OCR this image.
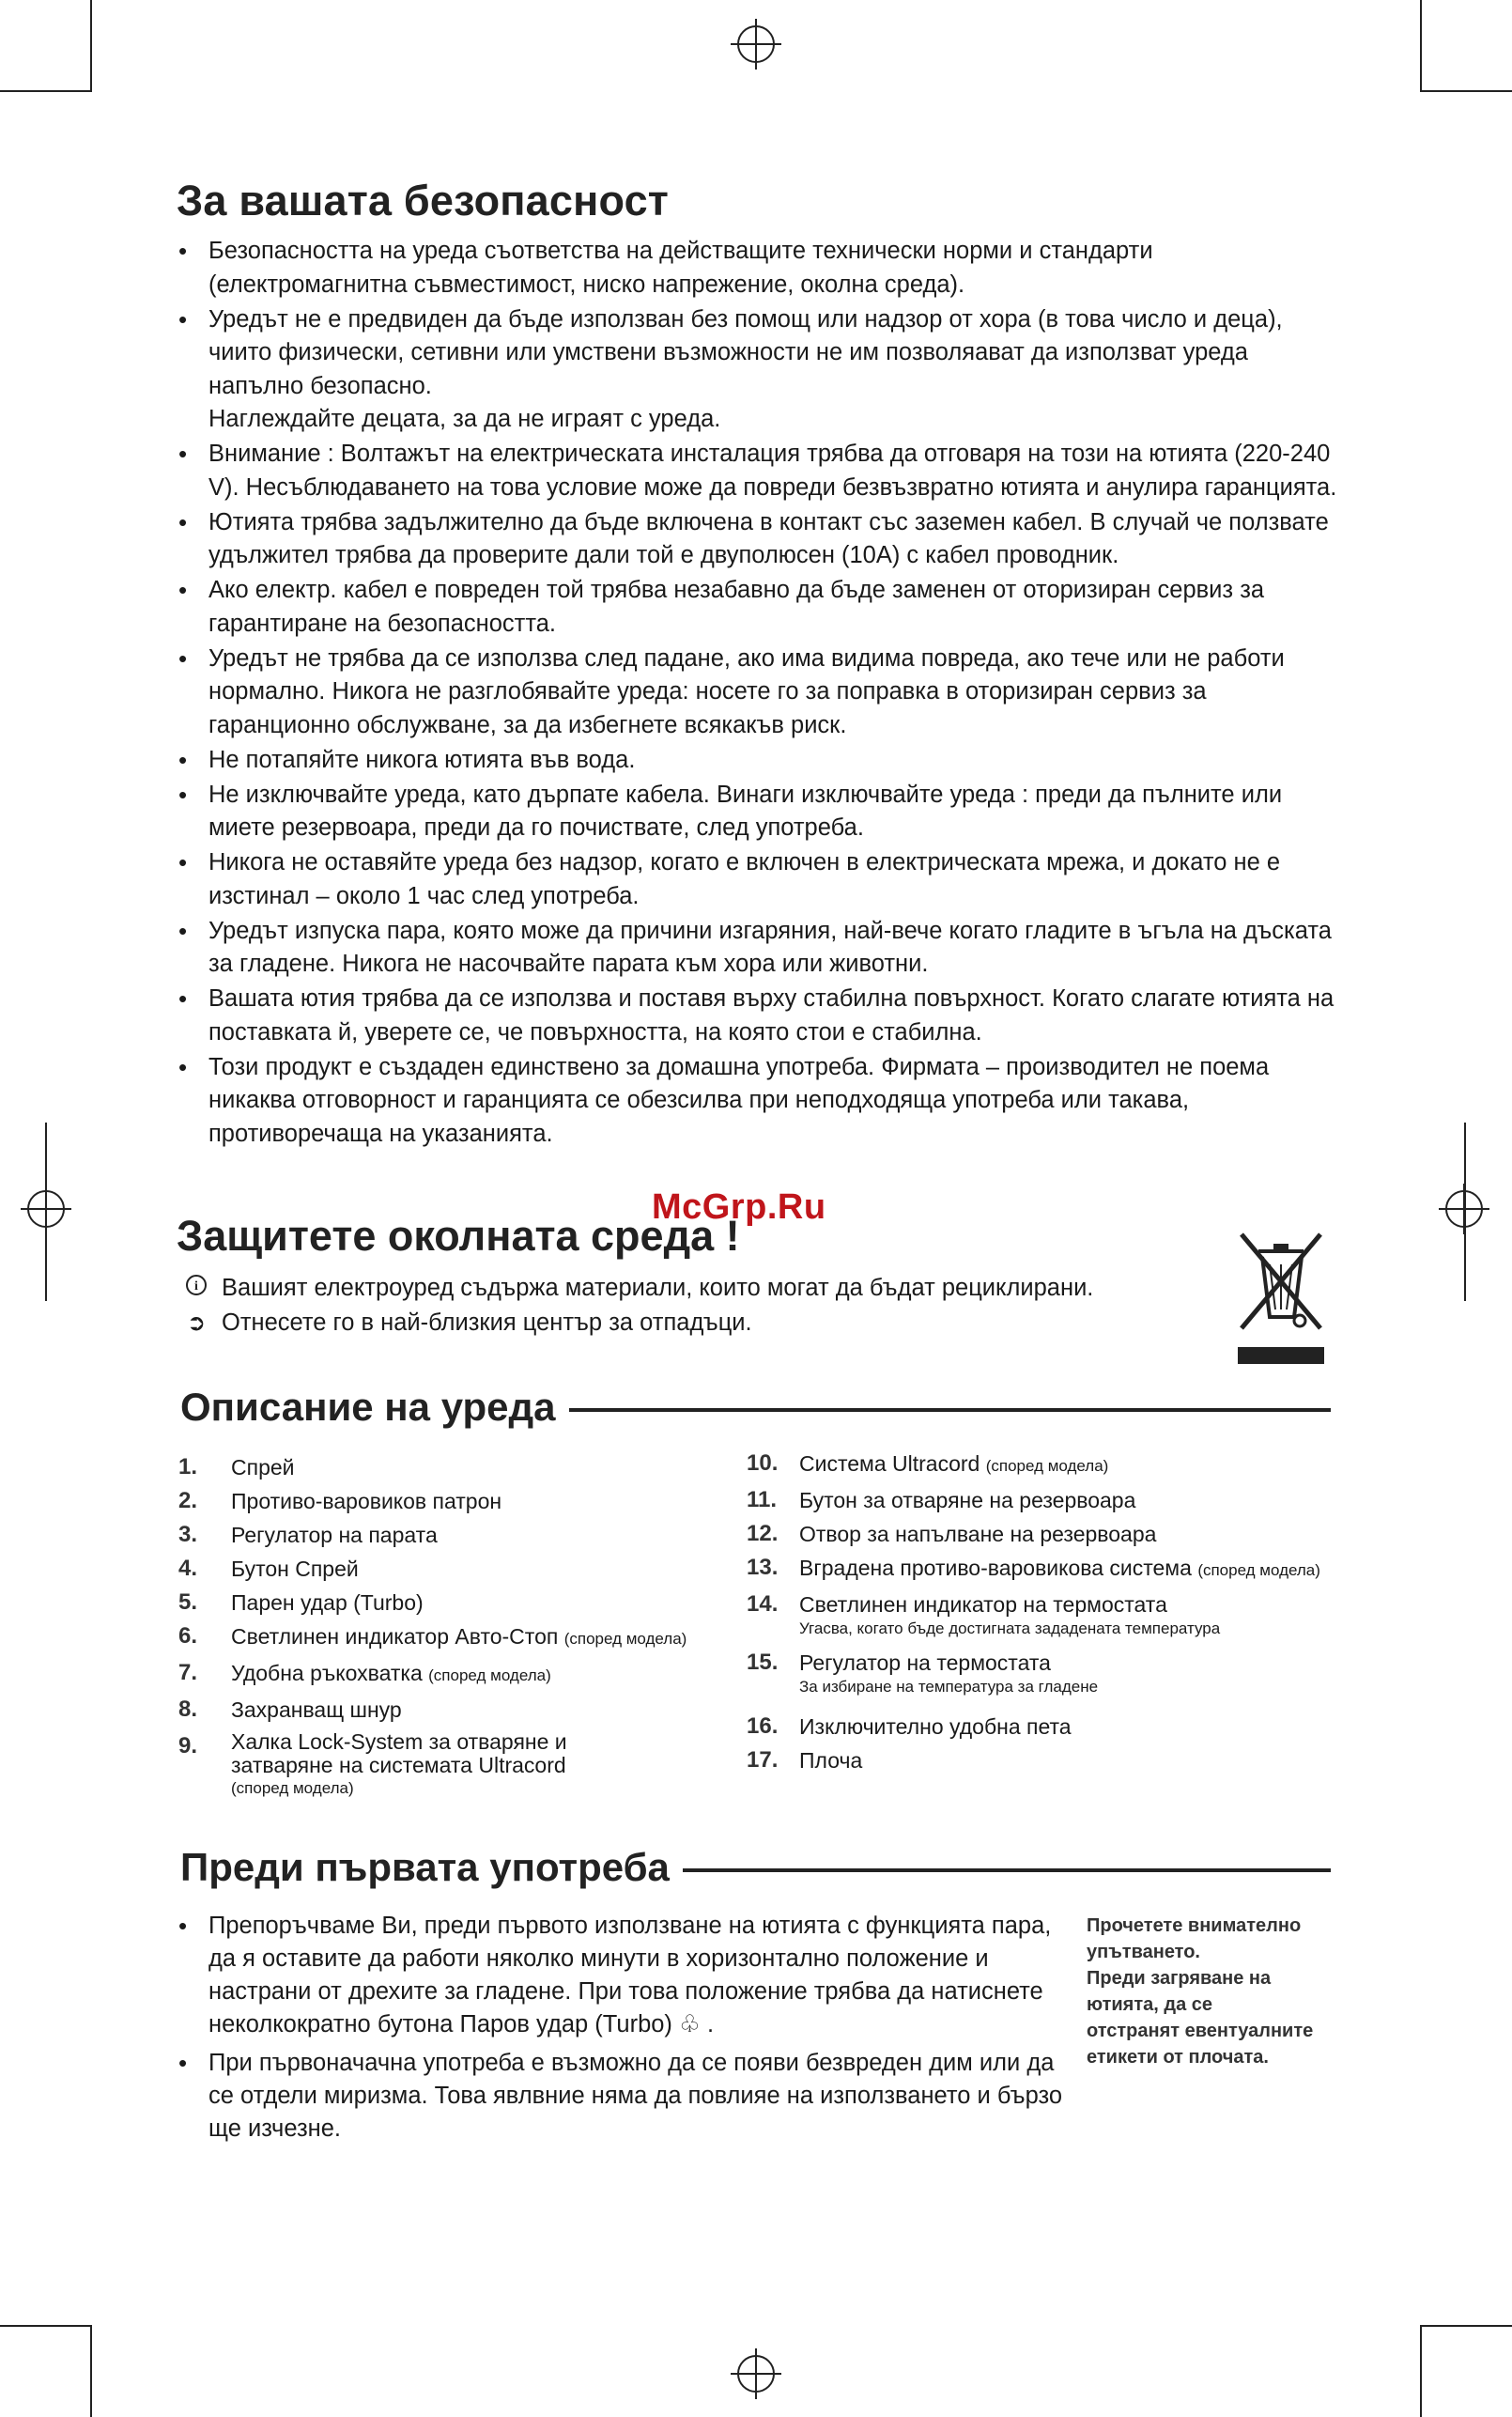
За вашата безопасност
• Безопасността на уреда съответства на действащите технически норми и стандарти (електромагнитна съвместимост, ниско напрежение, околна среда).
• Уредът не е предвиден да бъде използван без помощ или надзор от хора (в това число и деца), чиито физически, сетивни или умствени възможности не им позволяават да използват уреда напълно безопасно.
Наглеждайте децата, за да не играят с уреда.
• Внимание : Волтажът на електрическата инсталация трябва да отговаря на този на ютията (220-240 V). Несъблюдаването на това условие може да повреди безвъзвратно ютията и анулира гаранцията.
• Ютията трябва задължително да бъде включена в контакт със заземен кабел. В случай че ползвате удължител трябва да проверите дали той е двуполюсен (10А) с кабел проводник.
• Ако електр. кабел е повреден той трябва незабавно да бъде заменен от оторизиран сервиз за гарантиране на безопасността.
• Уредът не трябва да се използва след падане, ако има видима повреда, ако тече или не работи нормално. Никога не разглобявайте уреда: носете го за поправка в оторизиран сервиз за гаранционно обслужване, за да избегнете всякакъв риск.
• Не потапяйте никога ютията във вода.
• Не изключвайте уреда, като дърпате кабела. Винаги изключвайте уреда : преди да пълните или миете резервоара, преди да го почиствате, след употреба.
• Никога не оставяйте уреда без надзор, когато е включен в електрическата мрежа, и докато не е изстинал – около 1 час след употреба.
• Уредът изпуска пара, която може да причини изгаряния, най-вече когато гладите в ъгъла на дъската за гладене. Никога не насочвайте парата към хора или животни.
• Вашата ютия трябва да се използва и поставя върху стабилна повърхност. Когато слагате ютията на поставката й, уверете се, че повърхността, на която стои е стабилна.
• Този продукт е създаден единствено за домашна употреба. Фирмата – производител не поема никаква отговорност и гаранцията се обезсилва при неподходяща употреба или такава, противоречаща на указанията.
McGrp.Ru
Защитете околната среда !
i Вашият електроуред съдържа материали, които могат да бъдат рециклирани.
➲ Отнесете го в най-близкия център за отпадъци.
Описание на уреда
1. Спрей
2. Противо-варовиков патрон
3. Регулатор на парата
4. Бутон Спрей
5. Парен удар (Turbo)
6. Светлинен индикатор Авто-Стоп (според модела)
7. Удобна ръкохватка (според модела)
8. Захранващ шнур
9. Халка Lock-System за отваряне и затваряне на системата Ultracord
(според модела)
10. Система Ultracord (според модела)
11. Бутон за отваряне на резервоара
12. Отвор за напълване на резервоара
13. Вградена противо-варовикова система (според модела)
14. Светлинен индикатор на термостата
Угасва, когато бъде достигната зададената температура
15. Регулатор на термостата
За избиране на температура за гладене
16. Изключително удобна пета
17. Плоча
Преди първата употреба
• Препоръчваме Ви, преди първото използване на ютията с функцията пара, да я оставите да работи няколко минути в хоризонтално положение и настрани от дрехите за гладене. При това положение трябва да натиснете неколкократно бутона Паров удар (Turbo) ♧ .
• При първоначачна употреба е възможно да се появи безвреден дим или да се отдели миризма. Това явлвние няма да повлияе на използването и бързо ще изчезне.
Прочетете внимателно
упътването.
Преди загряване на
ютията, да се
отстранят евентуалните
етикети от плочата.
